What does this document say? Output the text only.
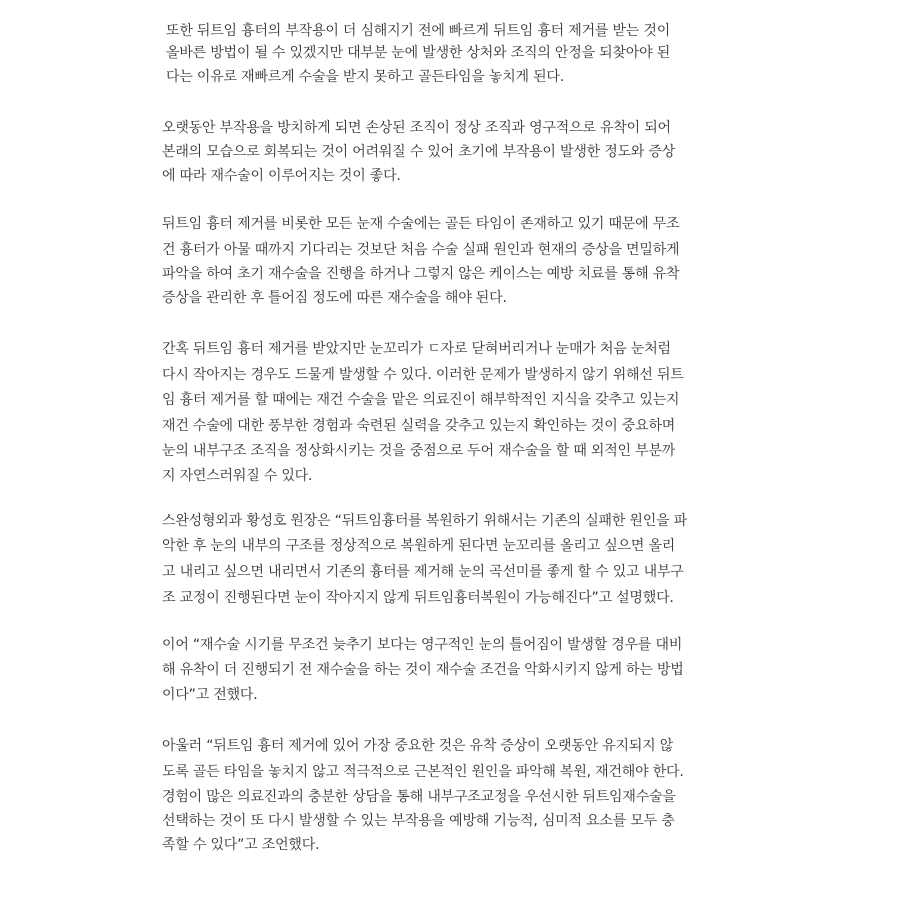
또한 뒤트임 흉터의 부작용이 더 심해지기 전에 빠르게 뒤트임 흉터 제거를 받는 것이
올바른 방법이 될 수 있겠지만 대부분 눈에 발생한 상처와 조직의 안정을 되찾아야 된
다는 이유로 재빠르게 수술을 받지 못하고 골든타임을 놓치게 된다.
오랫동안 부작용을 방치하게 되면 손상된 조직이 정상 조직과 영구적으로 유착이 되어
본래의 모습으로 회복되는 것이 어려워질 수 있어 초기에 부작용이 발생한 정도와 증상
에 따라 재수술이 이루어지는 것이 좋다.
뒤트임 흉터 제거를 비롯한 모든 눈재 수술에는 골든 타임이 존재하고 있기 때문에 무조
건 흉터가 아물 때까지 기다리는 것보단 처음 수술 실패 원인과 현재의 증상을 면밀하게
파악을 하여 초기 재수술을 진행을 하거나 그렇지 않은 케이스는 예방 치료를 통해 유착
증상을 관리한 후 틀어짐 정도에 따른 재수술을 해야 된다.
간혹 뒤트임 흉터 제거를 받았지만 눈꼬리가 ㄷ자로 닫혀버리거나 눈매가 처음 눈처럼
다시 작아지는 경우도 드물게 발생할 수 있다. 이러한 문제가 발생하지 않기 위해선 뒤트
임 흉터 제거를 할 때에는 재건 수술을 맡은 의료진이 해부학적인 지식을 갖추고 있는지
재건 수술에 대한 풍부한 경험과 숙련된 실력을 갖추고 있는지 확인하는 것이 중요하며
눈의 내부구조 조직을 정상화시키는 것을 중점으로 두어 재수술을 할 때 외적인 부분까
지 자연스러워질 수 있다.
스완성형외과 황성호 원장은 “뒤트임흉터를 복원하기 위해서는 기존의 실패한 원인을 파
악한 후 눈의 내부의 구조를 정상적으로 복원하게 된다면 눈꼬리를 올리고 싶으면 올리
고 내리고 싶으면 내리면서 기존의 흉터를 제거해 눈의 곡선미를 좋게 할 수 있고 내부구
조 교정이 진행된다면 눈이 작아지지 않게 뒤트임흉터복원이 가능해진다”고 설명했다.
이어 “재수술 시기를 무조건 늦추기 보다는 영구적인 눈의 틀어짐이 발생할 경우를 대비
해 유착이 더 진행되기 전 재수술을 하는 것이 재수술 조건을 악화시키지 않게 하는 방법
이다”고 전했다.
아울러 “뒤트임 흉터 제거에 있어 가장 중요한 것은 유착 증상이 오랫동안 유지되지 않
도록 골든 타임을 놓치지 않고 적극적으로 근본적인 원인을 파악해 복원, 재건해야 한다.
경험이 많은 의료진과의 충분한 상담을 통해 내부구조교정을 우선시한 뒤트임재수술을
선택하는 것이 또 다시 발생할 수 있는 부작용을 예방해 기능적, 심미적 요소를 모두 충
족할 수 있다”고 조언했다.
